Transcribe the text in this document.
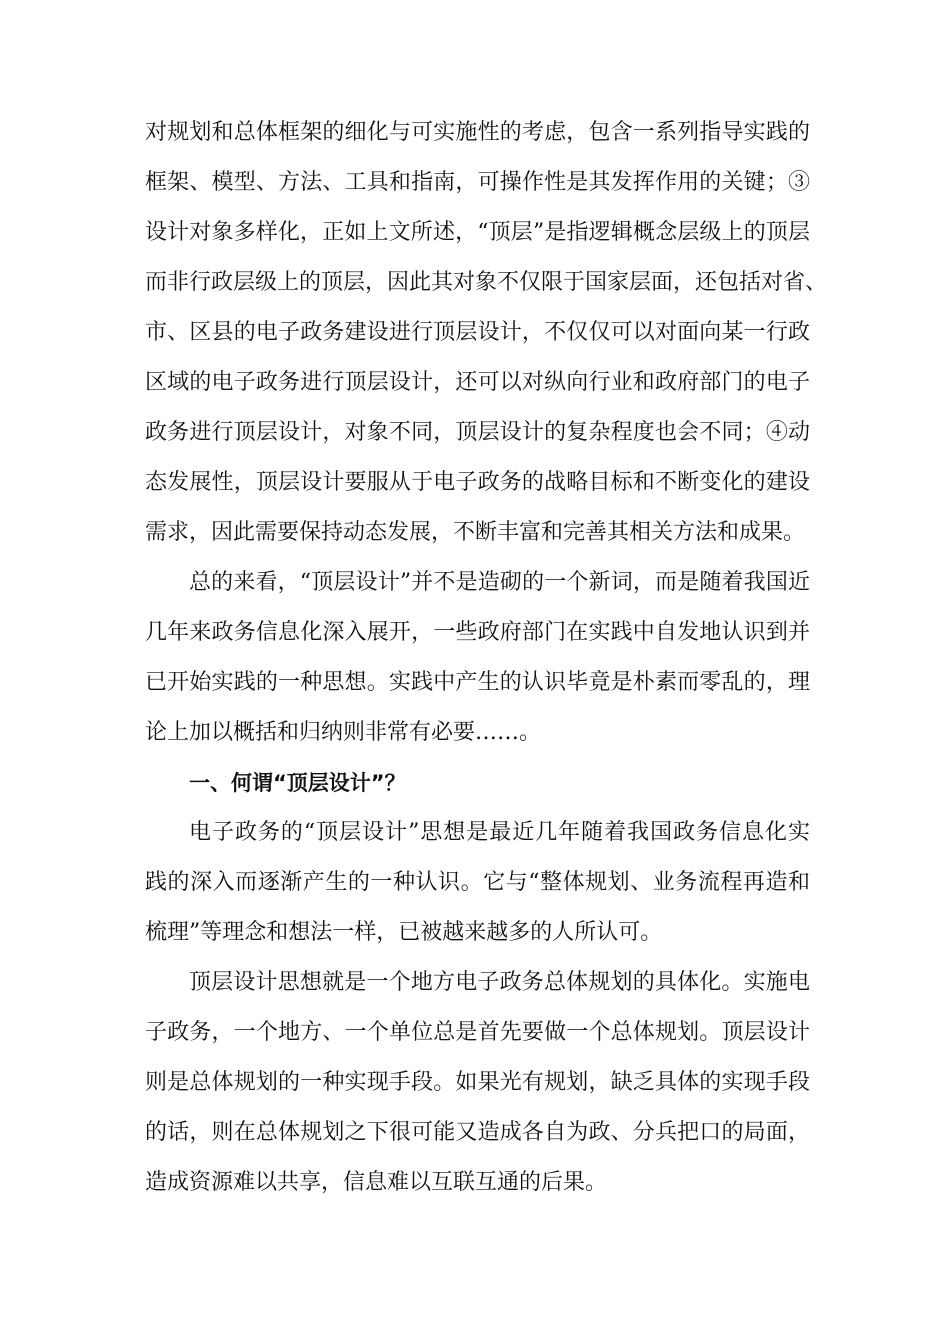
对规划和总体框架的细化与可实施性的考虑，包含一系列指导实践的
框架、模型、方法、工具和指南，可操作性是其发挥作用的关键；③
设计对象多样化，正如上文所述，“顶层”是指逻辑概念层级上的顶层
而非行政层级上的顶层，因此其对象不仅限于国家层面，还包括对省、
市、区县的电子政务建设进行顶层设计，不仅仅可以对面向某一行政
区域的电子政务进行顶层设计，还可以对纵向行业和政府部门的电子
政务进行顶层设计，对象不同，顶层设计的复杂程度也会不同；④动
态发展性，顶层设计要服从于电子政务的战略目标和不断变化的建设
需求，因此需要保持动态发展，不断丰富和完善其相关方法和成果。
总的来看，“顶层设计”并不是造砌的一个新词，而是随着我国近
几年来政务信息化深入展开，一些政府部门在实践中自发地认识到并
已开始实践的一种思想。实践中产生的认识毕竟是朴素而零乱的，理
论上加以概括和归纳则非常有必要……。
一、何谓“顶层设计”？
电子政务的“顶层设计”思想是最近几年随着我国政务信息化实
践的深入而逐渐产生的一种认识。它与“整体规划、业务流程再造和
梳理”等理念和想法一样，已被越来越多的人所认可。
顶层设计思想就是一个地方电子政务总体规划的具体化。实施电
子政务，一个地方、一个单位总是首先要做一个总体规划。顶层设计
则是总体规划的一种实现手段。如果光有规划，缺乏具体的实现手段
的话，则在总体规划之下很可能又造成各自为政、分兵把口的局面，
造成资源难以共享，信息难以互联互通的后果。
